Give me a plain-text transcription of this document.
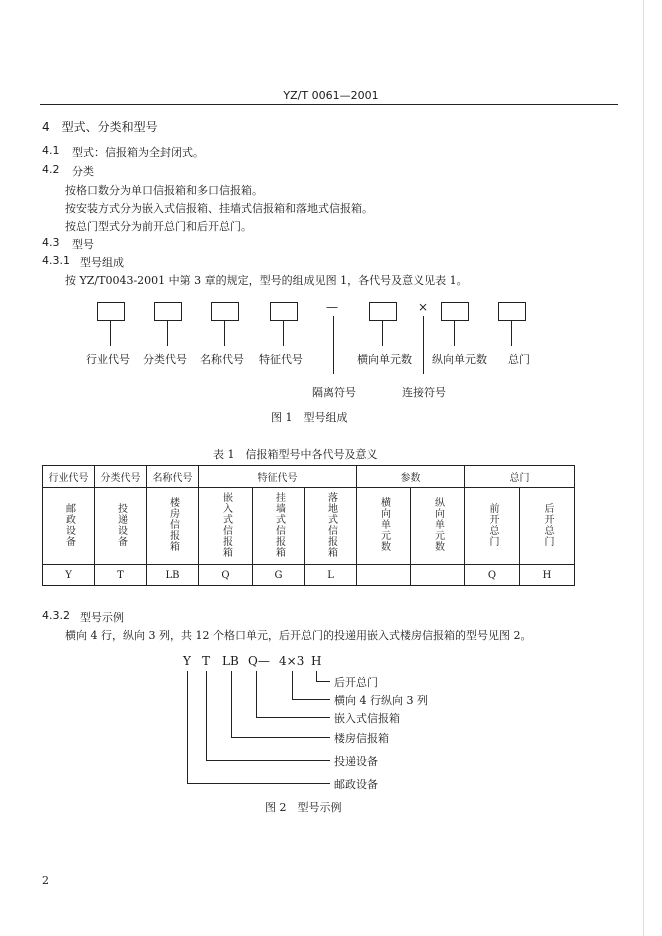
YZ/T 0061—2001
4　型式、分类和型号
4.1 型式：信报箱为全封闭式。
4.2 分类
按格口数分为单口信报箱和多口信报箱。
按安装方式分为嵌入式信报箱、挂墙式信报箱和落地式信报箱。
按总门型式分为前开总门和后开总门。
4.3 型号
4.3.1 型号组成
按 YZ/T0043-2001 中第 3 章的规定，型号的组成见图 1，各代号及意义见表 1。
—	×
行业代号 分类代号 名称代号 特征代号	横向单元数 纵向单元数 总门
隔离符号	连接符号
图 1　型号组成
表 1　信报箱型号中各代号及意义
行业代号	分类代号	名称代号	特征代号			参数		总门	
邮政设备	投递设备	楼房信报箱	嵌入式信报箱	挂墙式信报箱	落地式信报箱	横向单元数	纵向单元数	前开总门	后开总门
Y	T	LB	Q	G	L			Q	H
4.3.2 型号示例
横向 4 行，纵向 3 列，共 12 个格口单元，后开总门的投递用嵌入式楼房信报箱的型号见图 2。
Y T LB Q— 4×3 H
后开总门
横向 4 行纵向 3 列
嵌入式信报箱
楼房信报箱
投递设备
邮政设备
图 2　型号示例
2
